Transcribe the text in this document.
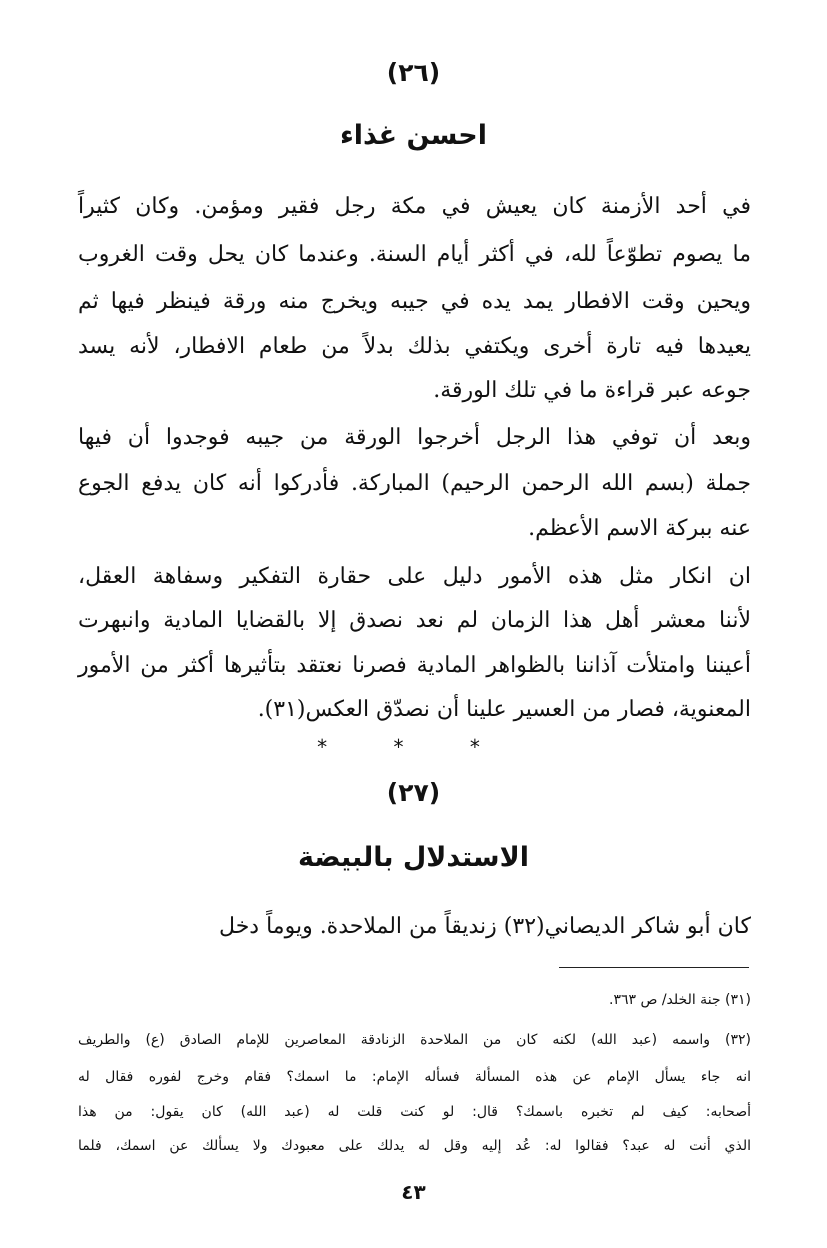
(٢٦)
احسن غذاء
في أحد الأزمنة كان يعيش في مكة رجل فقير ومؤمن. وكان كثيراً
ما يصوم تطوّعاً لله، في أكثر أيام السنة. وعندما كان يحل وقت الغروب
ويحين وقت الافطار يمد يده في جيبه ويخرج منه ورقة فينظر فيها ثم
يعيدها فيه تارة أخرى ويكتفي بذلك بدلاً من طعام الافطار، لأنه يسد
جوعه عبر قراءة ما في تلك الورقة.
وبعد أن توفي هذا الرجل أخرجوا الورقة من جيبه فوجدوا أن فيها
جملة (بسم الله الرحمن الرحيم) المباركة. فأدركوا أنه كان يدفع الجوع
عنه ببركة الاسم الأعظم.
ان انكار مثل هذه الأمور دليل على حقارة التفكير وسفاهة العقل،
لأننا معشر أهل هذا الزمان لم نعد نصدق إلا بالقضايا المادية وانبهرت
أعيننا وامتلأت آذاننا بالظواهر المادية فصرنا نعتقد بتأثيرها أكثر من الأمور
المعنوية، فصار من العسير علينا أن نصدّق العكس(٣١).
* * *
(٢٧)
الاستدلال بالبيضة
كان أبو شاكر الديصاني(٣٢) زنديقاً من الملاحدة. ويوماً دخل
(٣١) جنة الخلد/ ص ٣٦٣.
(٣٢) واسمه (عبد الله) لكنه كان من الملاحدة الزنادقة المعاصرين للإمام الصادق (ع) والطريف
انه جاء يسأل الإمام عن هذه المسألة فسأله الإمام: ما اسمك؟ فقام وخرج لفوره فقال له
أصحابه: كيف لم تخبره باسمك؟ قال: لو كنت قلت له (عبد الله) كان يقول: من هذا
الذي أنت له عبد؟ فقالوا له: عُد إليه وقل له يدلك على معبودك ولا يسألك عن اسمك، فلما
٤٣
